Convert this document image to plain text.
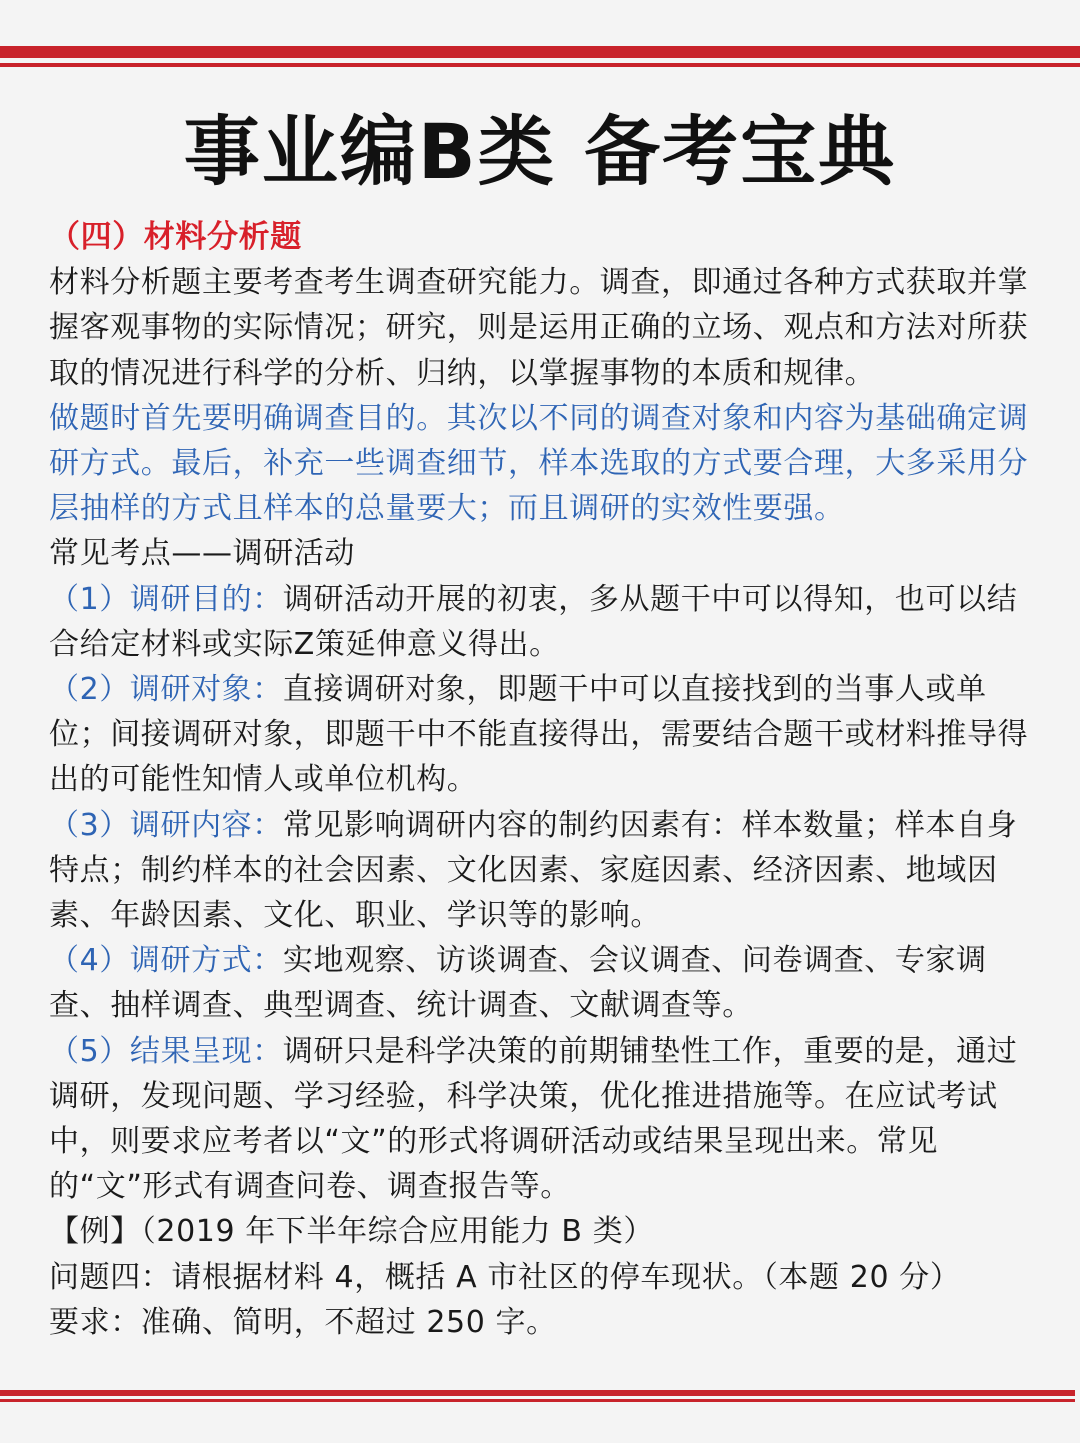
事业编B类 备考宝典

（四）材料分析题

材料分析题主要考查考生调查研究能力。调查，即通过各种方式获取并掌握客观事物的实际情况；研究，则是运用正确的立场、观点和方法对所获取的情况进行科学的分析、归纳，以掌握事物的本质和规律。

做题时首先要明确调查目的。其次以不同的调查对象和内容为基础确定调研方式。最后，补充一些调查细节，样本选取的方式要合理，大多采用分层抽样的方式且样本的总量要大；而且调研的实效性要强。

常见考点——调研活动

（1）调研目的：调研活动开展的初衷，多从题干中可以得知，也可以结合给定材料或实际Z策延伸意义得出。

（2）调研对象：直接调研对象，即题干中可以直接找到的当事人或单位；间接调研对象，即题干中不能直接得出，需要结合题干或材料推导得出的可能性知情人或单位机构。

（3）调研内容：常见影响调研内容的制约因素有：样本数量；样本自身特点；制约样本的社会因素、文化因素、家庭因素、经济因素、地域因素、年龄因素、文化、职业、学识等的影响。

（4）调研方式：实地观察、访谈调查、会议调查、问卷调查、专家调查、抽样调查、典型调查、统计调查、文献调查等。

（5）结果呈现：调研只是科学决策的前期铺垫性工作，重要的是，通过调研，发现问题、学习经验，科学决策，优化推进措施等。在应试考试中，则要求应考者以“文”的形式将调研活动或结果呈现出来。常见的“文”形式有调查问卷、调查报告等。

【例】（2019 年下半年综合应用能力 B 类）

问题四：请根据材料 4，概括 A 市社区的停车现状。（本题 20 分）

要求：准确、简明，不超过 250 字。
